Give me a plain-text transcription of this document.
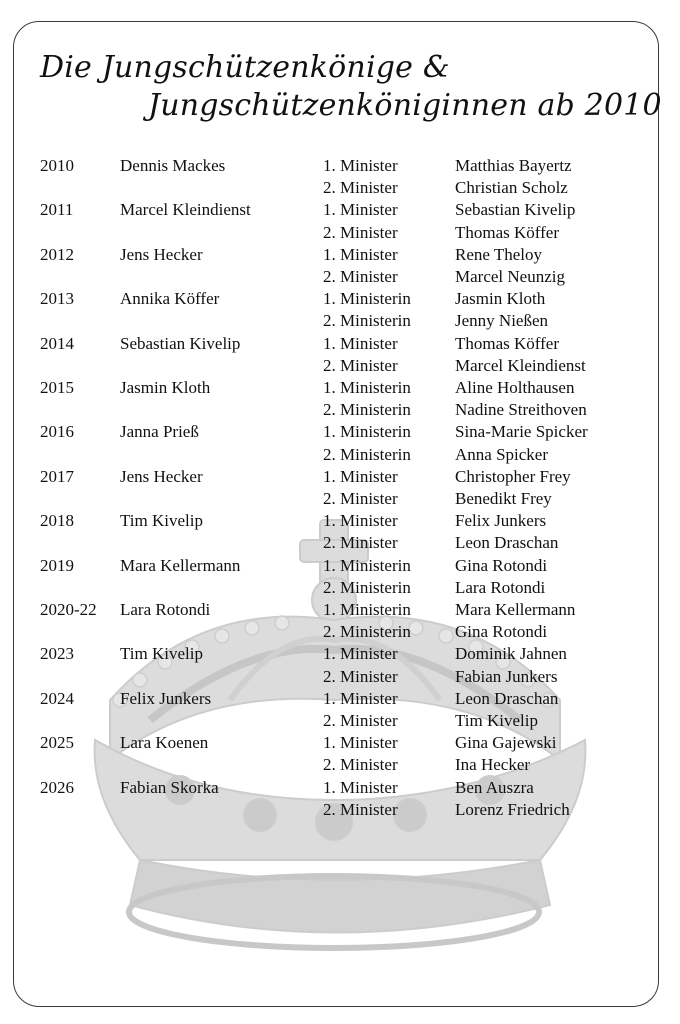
Die Jungschützenkönige &
Jungschützenköniginnen ab 2010
2010	Dennis Mackes	1. Minister	Matthias Bayertz
2. Minister	Christian Scholz
2011	Marcel Kleindienst	1. Minister	Sebastian Kivelip
2. Minister	Thomas Köffer
2012	Jens Hecker	1. Minister	Rene Theloy
2. Minister	Marcel Neunzig
2013	Annika Köffer	1. Ministerin	Jasmin Kloth
2. Ministerin	Jenny Nießen
2014	Sebastian Kivelip	1. Minister	Thomas Köffer
2. Minister	Marcel Kleindienst
2015	Jasmin Kloth	1. Ministerin	Aline Holthausen
2. Ministerin	Nadine Streithoven
2016	Janna Prieß	1. Ministerin	Sina-Marie Spicker
2. Ministerin	Anna Spicker
2017	Jens Hecker	1. Minister	Christopher Frey
2. Minister	Benedikt Frey
2018	Tim Kivelip	1. Minister	Felix Junkers
2. Minister	Leon Draschan
2019	Mara Kellermann	1. Ministerin	Gina Rotondi
2. Ministerin	Lara Rotondi
2020-22 Lara Rotondi	1. Ministerin	Mara Kellermann
2. Ministerin	Gina Rotondi
2023	Tim Kivelip	1. Minister	Dominik Jahnen
2. Minister	Fabian Junkers
2024	Felix Junkers	1. Minister	Leon Draschan
2. Minister	Tim Kivelip
2025	Lara Koenen	1. Minister	Gina Gajewski
2. Minister	Ina Hecker
2026	Fabian Skorka	1. Minister	Ben Auszra
2. Minister	Lorenz Friedrich
